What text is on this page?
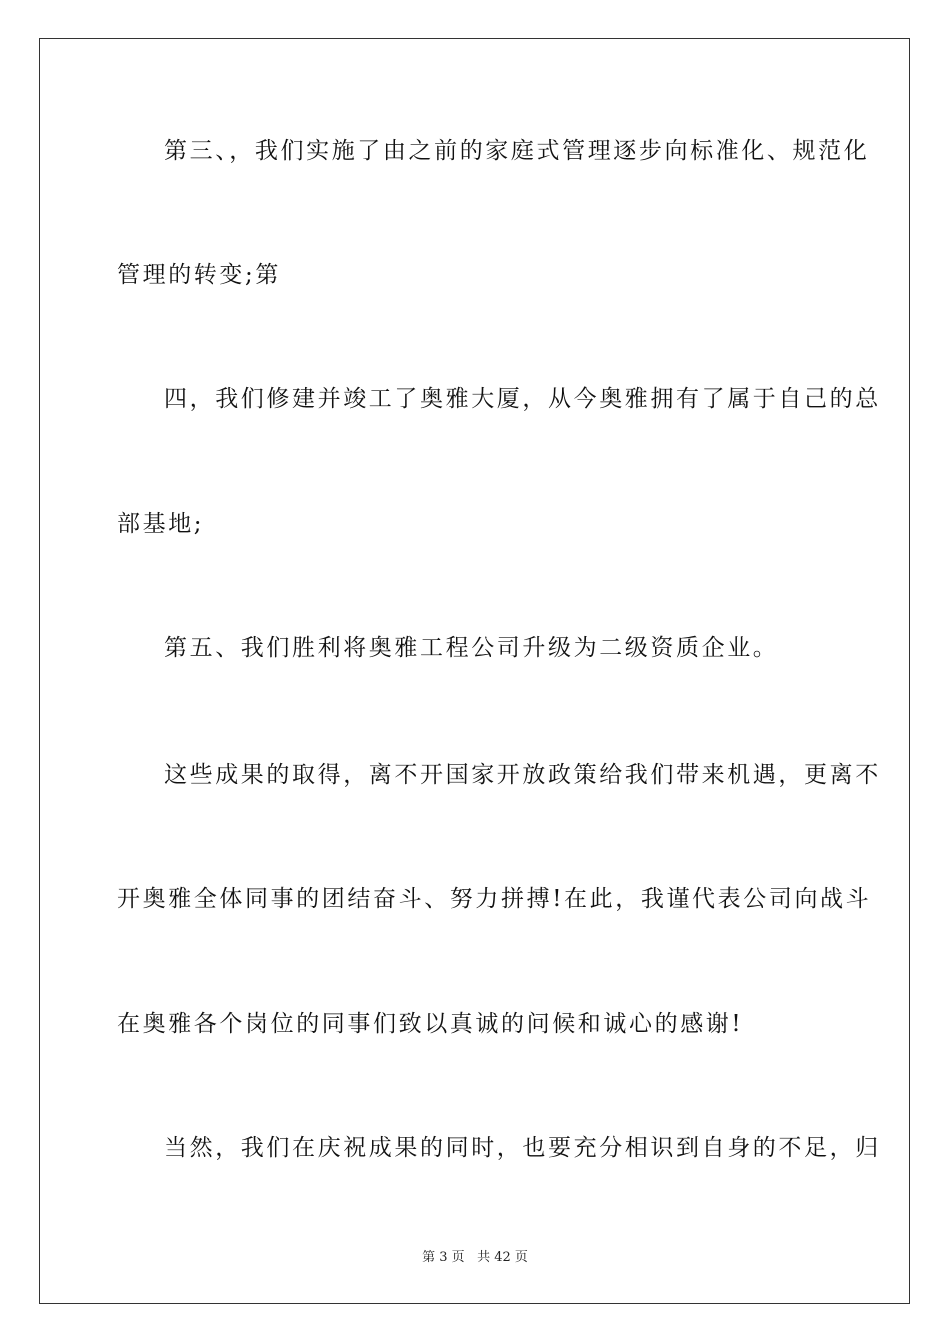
第三、，我们实施了由之前的家庭式管理逐步向标准化、规范化
管理的转变;第
四，我们修建并竣工了奥雅大厦，从今奥雅拥有了属于自己的总
部基地;
第五、我们胜利将奥雅工程公司升级为二级资质企业。
这些成果的取得，离不开国家开放政策给我们带来机遇，更离不
开奥雅全体同事的团结奋斗、努力拼搏!在此，我谨代表公司向战斗
在奥雅各个岗位的同事们致以真诚的问候和诚心的感谢!
当然，我们在庆祝成果的同时，也要充分相识到自身的不足，归
第 3 页 共 42 页
